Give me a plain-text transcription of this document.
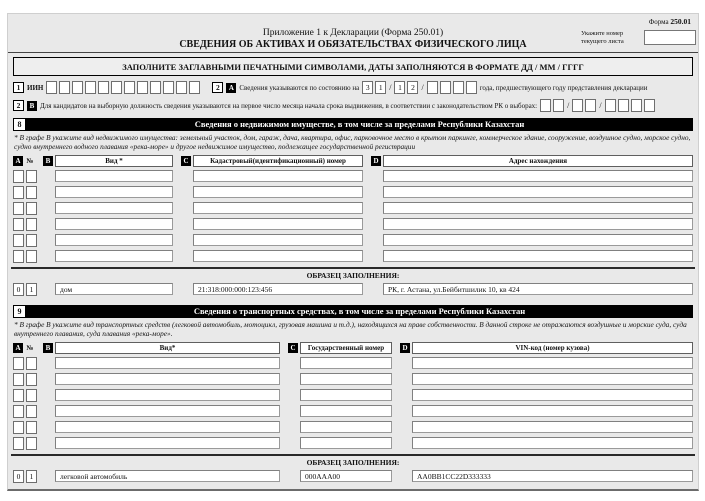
Форма 250.01
Приложение 1 к Декларации (Форма 250.01)
СВЕДЕНИЯ ОБ АКТИВАХ И ОБЯЗАТЕЛЬСТВАХ ФИЗИЧЕСКОГО ЛИЦА
Укажите номер текущего листа
ЗАПОЛНИТЕ ЗАГЛАВНЫМИ ПЕЧАТНЫМИ СИМВОЛАМИ, ДАТЫ ЗАПОЛНЯЮТСЯ В ФОРМАТЕ ДД / ММ / ГГГГ
1 ИИН	2	A Сведения указываются по состоянию на 3	1 / 1	2 /	года, предшествующего году представления декларации
2	B Для кандидатов на выборную должность сведения указываются на первое число месяца начала срока выдвижения, в соответствии с законодательством РК о выборах:	/	/
8	Сведения о недвижимом имуществе, в том числе за пределами Республики Казахстан
* В графе В укажите вид недвижимого имущества: земельный участок, дом, гараж, дача, квартира, офис, парковочное место в крытом паркинге, коммерческое здание, сооружение, воздушное судно, морское судно, судно внутреннего водного плавания «река-море» и другое недвижимое имущество, подлежащее государственной регистрации
A №	B	Вид *	C	Кадастровый(идентификационный) номер	D	Адрес нахождения
ОБРАЗЕЦ ЗАПОЛНЕНИЯ:
0	1	дом	21:318:000:000:123:456	РК, г. Астана, ул.Бейбитшилик 10, кв 424
9	Сведения о транспортных средствах, в том числе за пределами Республики Казахстан
* В графе В укажите вид транспортных средств (легковой автомобиль, мотоцикл, грузовая машина и т.д.), находящихся на праве собственности. В данной строке не отражаются воздушные и морские суда, суда внутреннего плавания, суда плавания «река-море».
A №	B	Вид*	C	Государственный номер	D	VIN-код (номер кузова)
ОБРАЗЕЦ ЗАПОЛНЕНИЯ:
0	1	легковой автомобиль	000AAA00	AA0BB1CC22D333333
